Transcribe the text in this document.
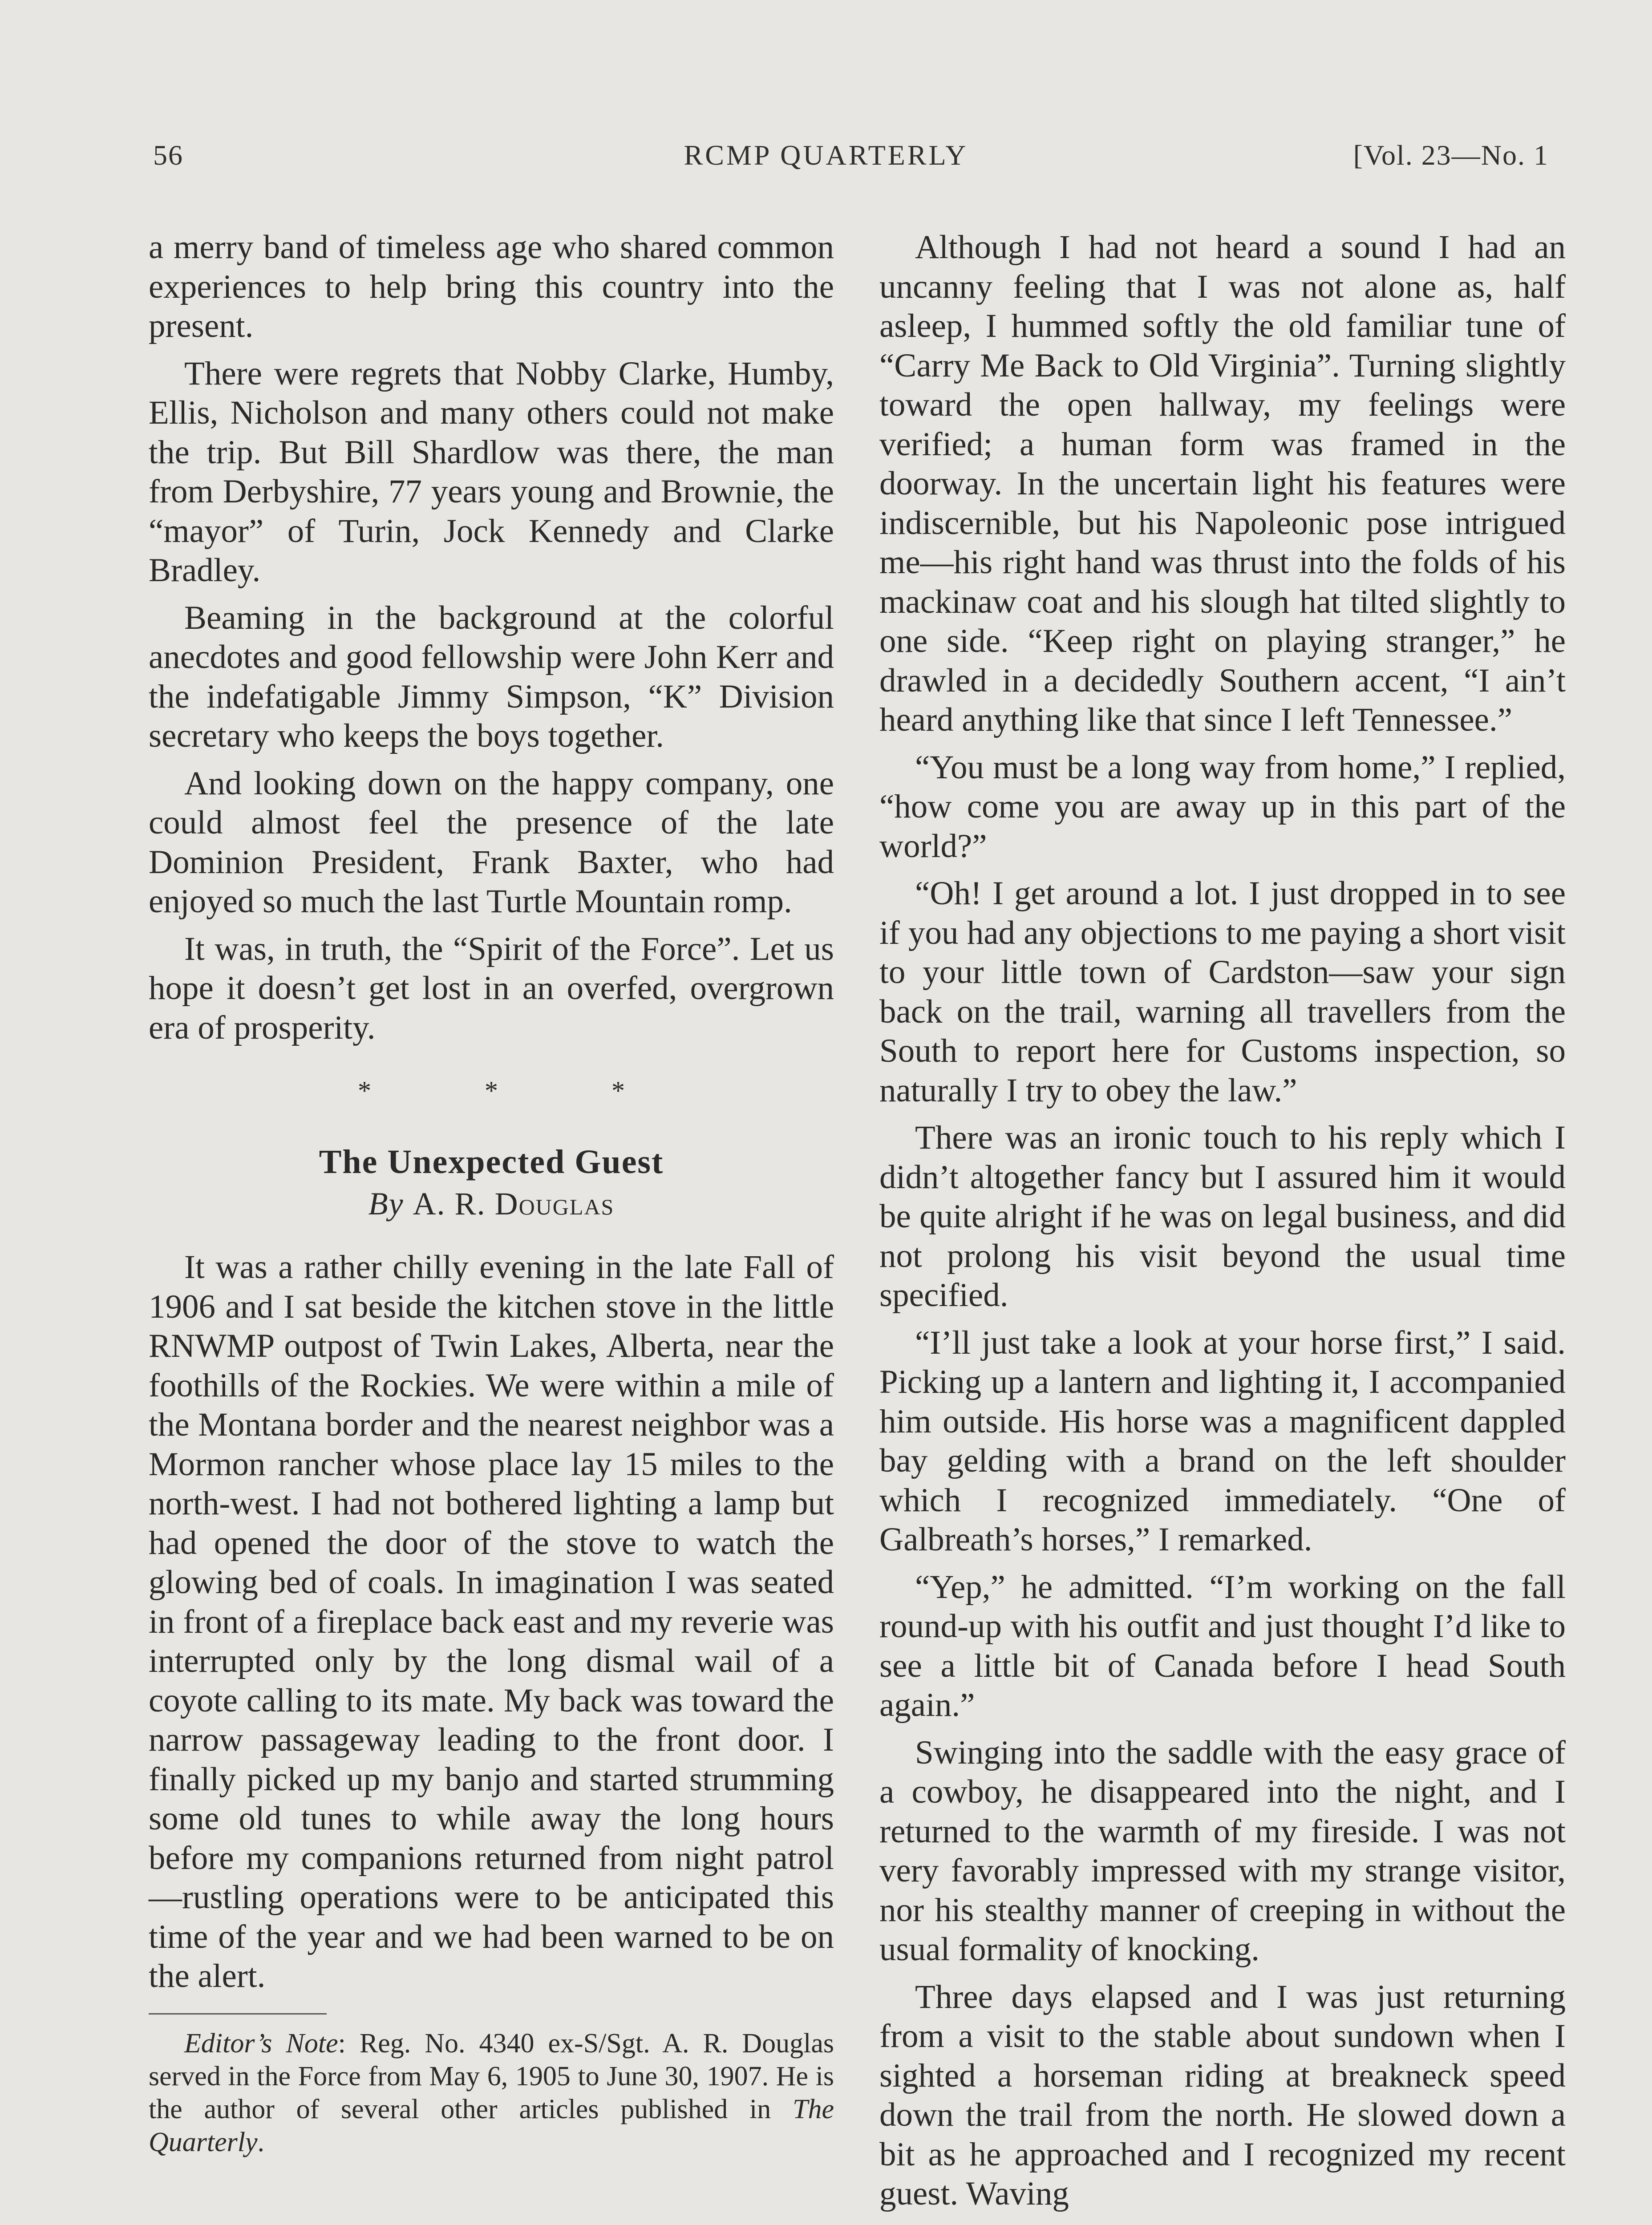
56	RCMP QUARTERLY	[Vol. 23—No. 1

a merry band of timeless age who shared common experiences to help bring this country into the present.

There were regrets that Nobby Clarke, Humby, Ellis, Nicholson and many others could not make the trip. But Bill Shardlow was there, the man from Derbyshire, 77 years young and Brownie, the “mayor” of Turin, Jock Kennedy and Clarke Bradley.

Beaming in the background at the colorful anecdotes and good fellowship were John Kerr and the indefatigable Jimmy Simpson, “K” Division secretary who keeps the boys together.

And looking down on the happy company, one could almost feel the presence of the late Dominion President, Frank Baxter, who had enjoyed so much the last Turtle Mountain romp.

It was, in truth, the “Spirit of the Force”. Let us hope it doesn’t get lost in an overfed, overgrown era of prosperity.

* * *
The Unexpected Guest
By A. R. Douglas

It was a rather chilly evening in the late Fall of 1906 and I sat beside the kitchen stove in the little RNWMP outpost of Twin Lakes, Alberta, near the foothills of the Rockies. We were within a mile of the Montana border and the nearest neighbor was a Mormon rancher whose place lay 15 miles to the north-west. I had not bothered lighting a lamp but had opened the door of the stove to watch the glowing bed of coals. In imagination I was seated in front of a fireplace back east and my reverie was interrupted only by the long dismal wail of a coyote calling to its mate. My back was toward the narrow passageway leading to the front door. I finally picked up my banjo and started strumming some old tunes to while away the long hours before my companions returned from night patrol —rustling operations were to be anticipated this time of the year and we had been warned to be on the alert.

Editor’s Note: Reg. No. 4340 ex-S/Sgt. A. R. Douglas served in the Force from May 6, 1905 to June 30, 1907. He is the author of several other articles published in The Quarterly.

Although I had not heard a sound I had an uncanny feeling that I was not alone as, half asleep, I hummed softly the old familiar tune of “Carry Me Back to Old Virginia”. Turning slightly toward the open hallway, my feelings were verified; a human form was framed in the doorway. In the uncertain light his features were indiscernible, but his Napoleonic pose intrigued me—his right hand was thrust into the folds of his mackinaw coat and his slough hat tilted slightly to one side. “Keep right on playing stranger,” he drawled in a decidedly Southern accent, “I ain’t heard anything like that since I left Tennessee.”

“You must be a long way from home,” I replied, “how come you are away up in this part of the world?”

“Oh! I get around a lot. I just dropped in to see if you had any objections to me paying a short visit to your little town of Cardston—saw your sign back on the trail, warning all travellers from the South to report here for Customs inspection, so naturally I try to obey the law.”

There was an ironic touch to his reply which I didn’t altogether fancy but I assured him it would be quite alright if he was on legal business, and did not prolong his visit beyond the usual time specified.

“I’ll just take a look at your horse first,” I said. Picking up a lantern and lighting it, I accompanied him outside. His horse was a magnificent dappled bay gelding with a brand on the left shoulder which I recognized immediately. “One of Galbreath’s horses,” I remarked.

“Yep,” he admitted. “I’m working on the fall round-up with his outfit and just thought I’d like to see a little bit of Canada before I head South again.”

Swinging into the saddle with the easy grace of a cowboy, he disappeared into the night, and I returned to the warmth of my fireside. I was not very favorably impressed with my strange visitor, nor his stealthy manner of creeping in without the usual formality of knocking.

Three days elapsed and I was just returning from a visit to the stable about sundown when I sighted a horseman riding at breakneck speed down the trail from the north. He slowed down a bit as he approached and I recognized my recent guest. Waving
